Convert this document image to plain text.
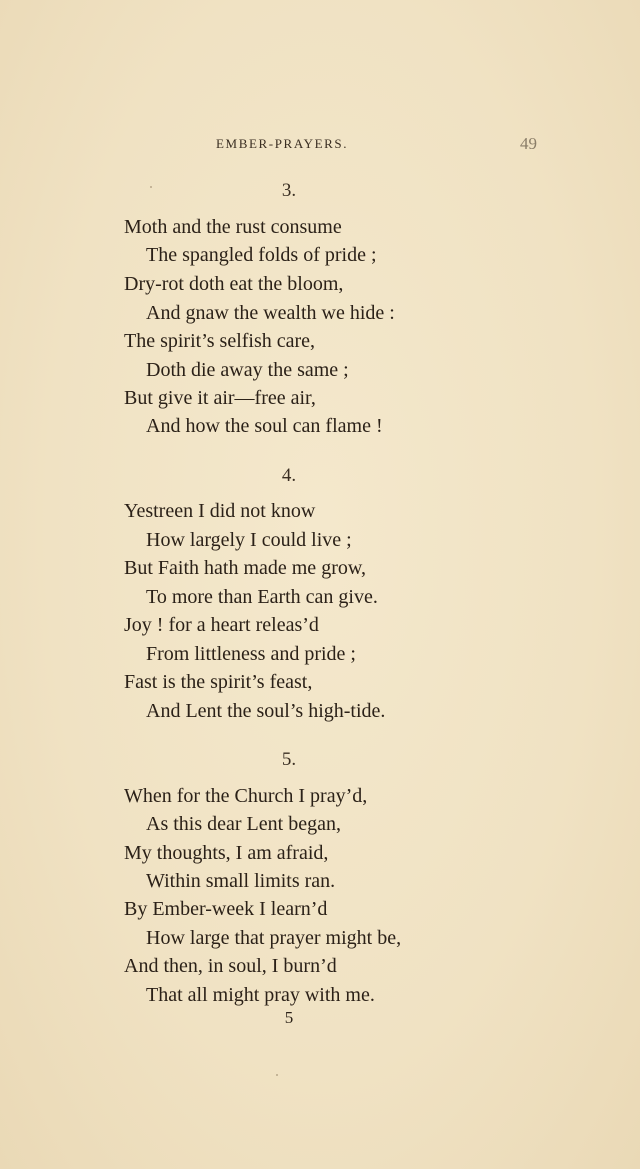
EMBER-PRAYERS.	49
3.
Moth and the rust consume
The spangled folds of pride ;
Dry-rot doth eat the bloom,
And gnaw the wealth we hide :
The spirit’s selfish care,
Doth die away the same ;
But give it air—free air,
And how the soul can flame !
4.
Yestreen I did not know
How largely I could live ;
But Faith hath made me grow,
To more than Earth can give.
Joy ! for a heart releas’d
From littleness and pride ;
Fast is the spirit’s feast,
And Lent the soul’s high-tide.
5.
When for the Church I pray’d,
As this dear Lent began,
My thoughts, I am afraid,
Within small limits ran.
By Ember-week I learn’d
How large that prayer might be,
And then, in soul, I burn’d
That all might pray with me.
5
